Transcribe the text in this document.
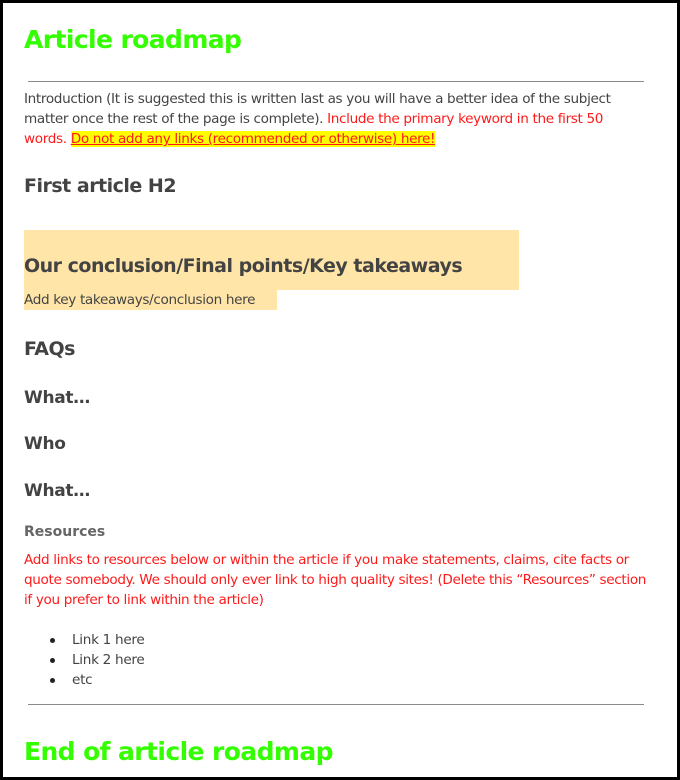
Article roadmap

Introduction (It is suggested this is written last as you will have a better idea of the subject matter once the rest of the page is complete). Include the primary keyword in the first 50 words. Do not add any links (recommended or otherwise) here!

First article H2
Our conclusion/Final points/Key takeaways
Add key takeaways/conclusion here
FAQs
What…
Who
What…
Resources

Add links to resources below or within the article if you make statements, claims, cite facts or quote somebody. We should only ever link to high quality sites! (Delete this “Resources” section if you prefer to link within the article)

Link 1 here
Link 2 here
etc
End of article roadmap
